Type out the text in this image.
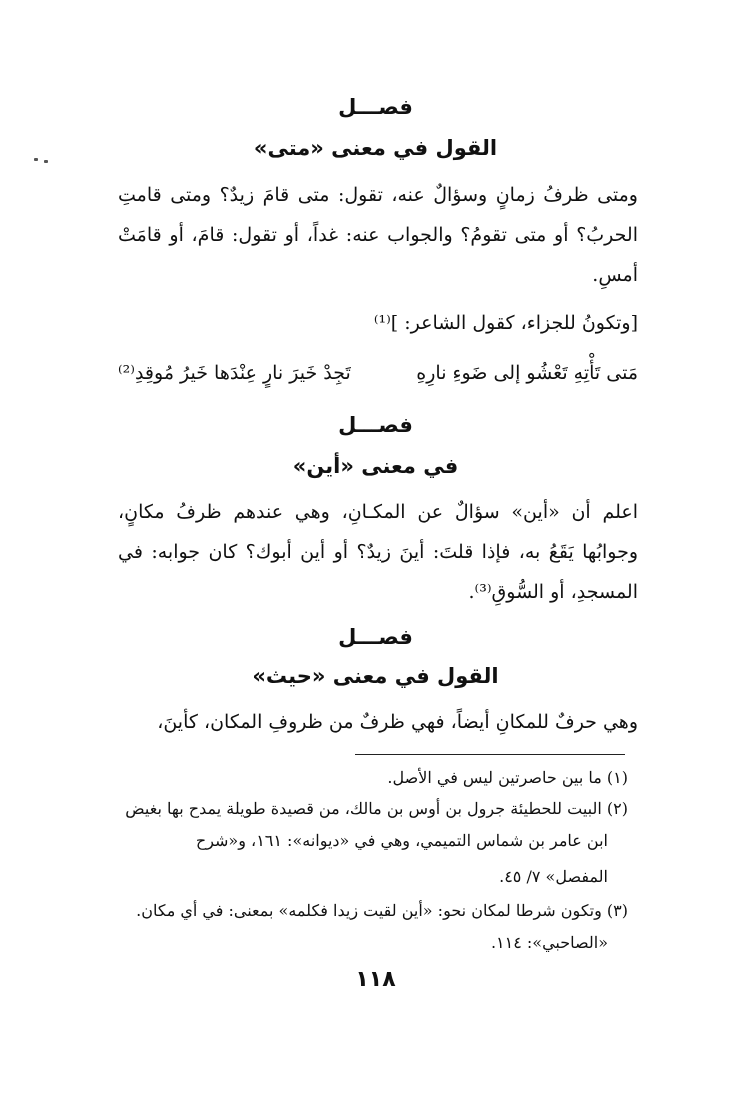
فصـــل
القول في معنى «متى»

ومتى ظرفُ زمانٍ وسؤالٌ عنه، تقول: متى قامَ زيدٌ؟ ومتى قامتِ الحربُ؟ أو متى تقومُ؟ والجواب عنه: غداً، أو تقول: قامَ، أو قامَتْ أمسِ.

[وتكونُ للجزاء، كقول الشاعر: ]⁽¹⁾

مَتى تَأْتِهِ تَعْشُو إلى ضَوءِ نارِهِ
تَجِدْ خَيرَ نارٍ عِنْدَها خَيرُ مُوقِدِ⁽²⁾
فصـــل
في معنى «أين»

اعلم أن «أين» سؤالٌ عن المكـانِ، وهي عندهم ظرفُ مكانٍ، وجوابُها يَقَعُ به، فإذا قلتَ: أينَ زيدٌ؟ أو أين أبوك؟ كان جوابه: في المسجدِ، أو السُّوقِ⁽³⁾.

فصـــل
القول في معنى «حيث»

وهي حرفٌ للمكانِ أيضاً، فهي ظرفٌ من ظروفِ المكان، كأينَ،

(١) ما بين حاصرتين ليس في الأصل.

(٢) البيت للحطيئة جرول بن أوس بن مالك، من قصيدة طويلة يمدح بها بغيض

ابن عامر بن شماس التميمي، وهي في «ديوانه»: ١٦١، و«شرح

المفصل» ٧/ ٤٥.

(٣) وتكون شرطا لمكان نحو: «أين لقيت زيدا فكلمه» بمعنى: في أي مكان.

«الصاحبي»: ١١٤.

١١٨
